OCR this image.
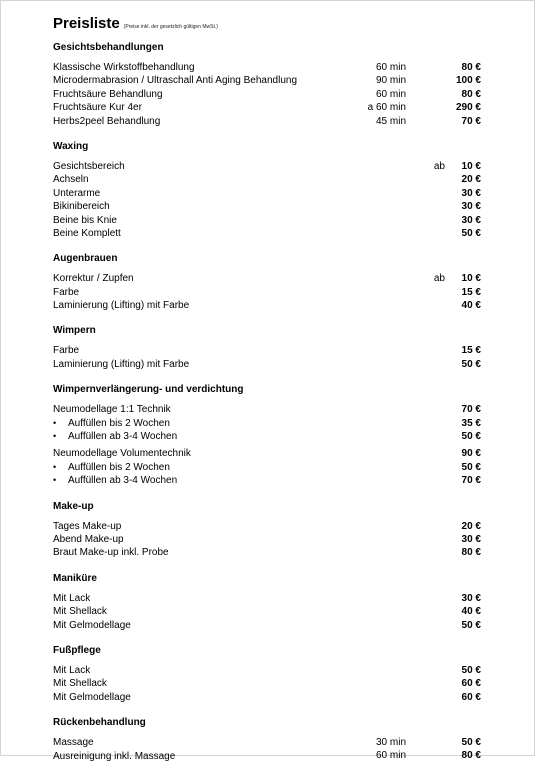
Preisliste (Preise inkl. der gesetzlich gültigen MwSt.)
Gesichtsbehandlungen
Klassische Wirkstoffbehandlung	60 min	80 €
Microdermabrasion / Ultraschall Anti Aging Behandlung	90 min	100 €
Fruchtsäure Behandlung	60 min	80 €
Fruchtsäure Kur 4er	a 60 min	290 €
Herbs2peel Behandlung	45 min	70 €
Waxing
Gesichtsbereich	ab	10 €
Achseln	20 €
Unterarme	30 €
Bikinibereich	30 €
Beine bis Knie	30 €
Beine Komplett	50 €
Augenbrauen
Korrektur / Zupfen	ab	10 €
Farbe	15 €
Laminierung (Lifting) mit Farbe	40 €
Wimpern
Farbe	15 €
Laminierung (Lifting) mit Farbe	50 €
Wimpernverlängerung- und verdichtung
Neumodellage 1:1 Technik	70 €
•	Auffüllen bis 2 Wochen	35 €
•	Auffüllen ab 3-4 Wochen	50 €
Neumodellage Volumentechnik	90 €
•	Auffüllen bis 2 Wochen	50 €
•	Auffüllen ab 3-4 Wochen	70 €
Make-up
Tages Make-up	20 €
Abend Make-up	30 €
Braut Make-up inkl. Probe	80 €
Maniküre
Mit Lack	30 €
Mit Shellack	40 €
Mit Gelmodellage	50 €
Fußpflege
Mit Lack	50 €
Mit Shellack	60 €
Mit Gelmodellage	60 €
Rückenbehandlung
Massage	30 min	50 €
Ausreinigung inkl. Massage	60 min	80 €
